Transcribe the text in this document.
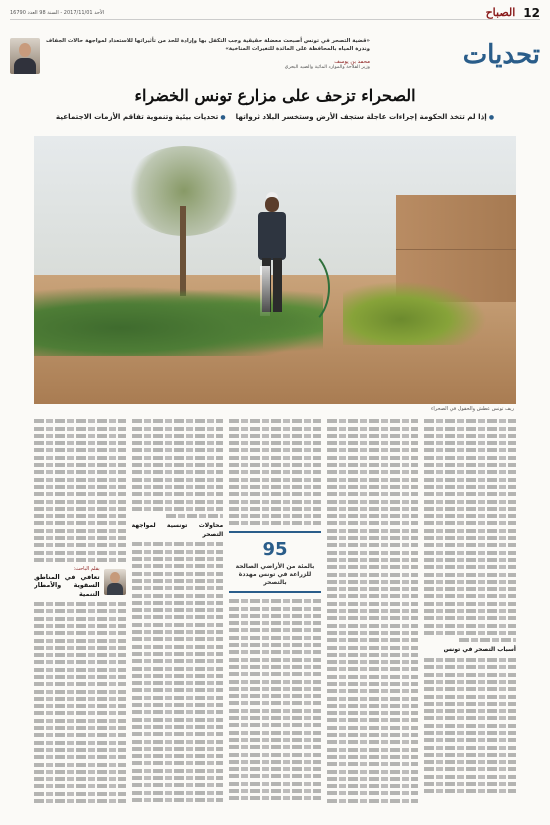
12
الصباح
الأحد 2017/11/01 - السنة 98 العدد 16790
تحديات
«قضية التصحر في تونس أصبحت معضلة حقيقية وجب التكفل بها وإرادة للحد من تأثيراتها للاستعداد لمواجهة حالات الجفاف وندرة المياه بالمحافظة على المائدة للتغيرات المناخية»
محمد بن يوسف
وزير الفلاحة والموارد المائية والصيد البحري
الصحراء تزحف على مزارع تونس الخضراء
● إذا لم تتخذ الحكومة إجراءات عاجلة ستجف الأرض وستخسر البلاد ثرواتها
● تحديات بيئية وتنموية تفاقم الأزمات الاجتماعية
ريف تونس عطش والحقول في الصحراء
أسباب التصحر في تونس
95
بالمئة من الأراضي الصالحة للزراعة في تونس مهددة بالتصحر
محاولات تونسية لمواجهة التصحر
بقلم الباحث:
تعافي في المناطق السقوية والأمطار التنمية
